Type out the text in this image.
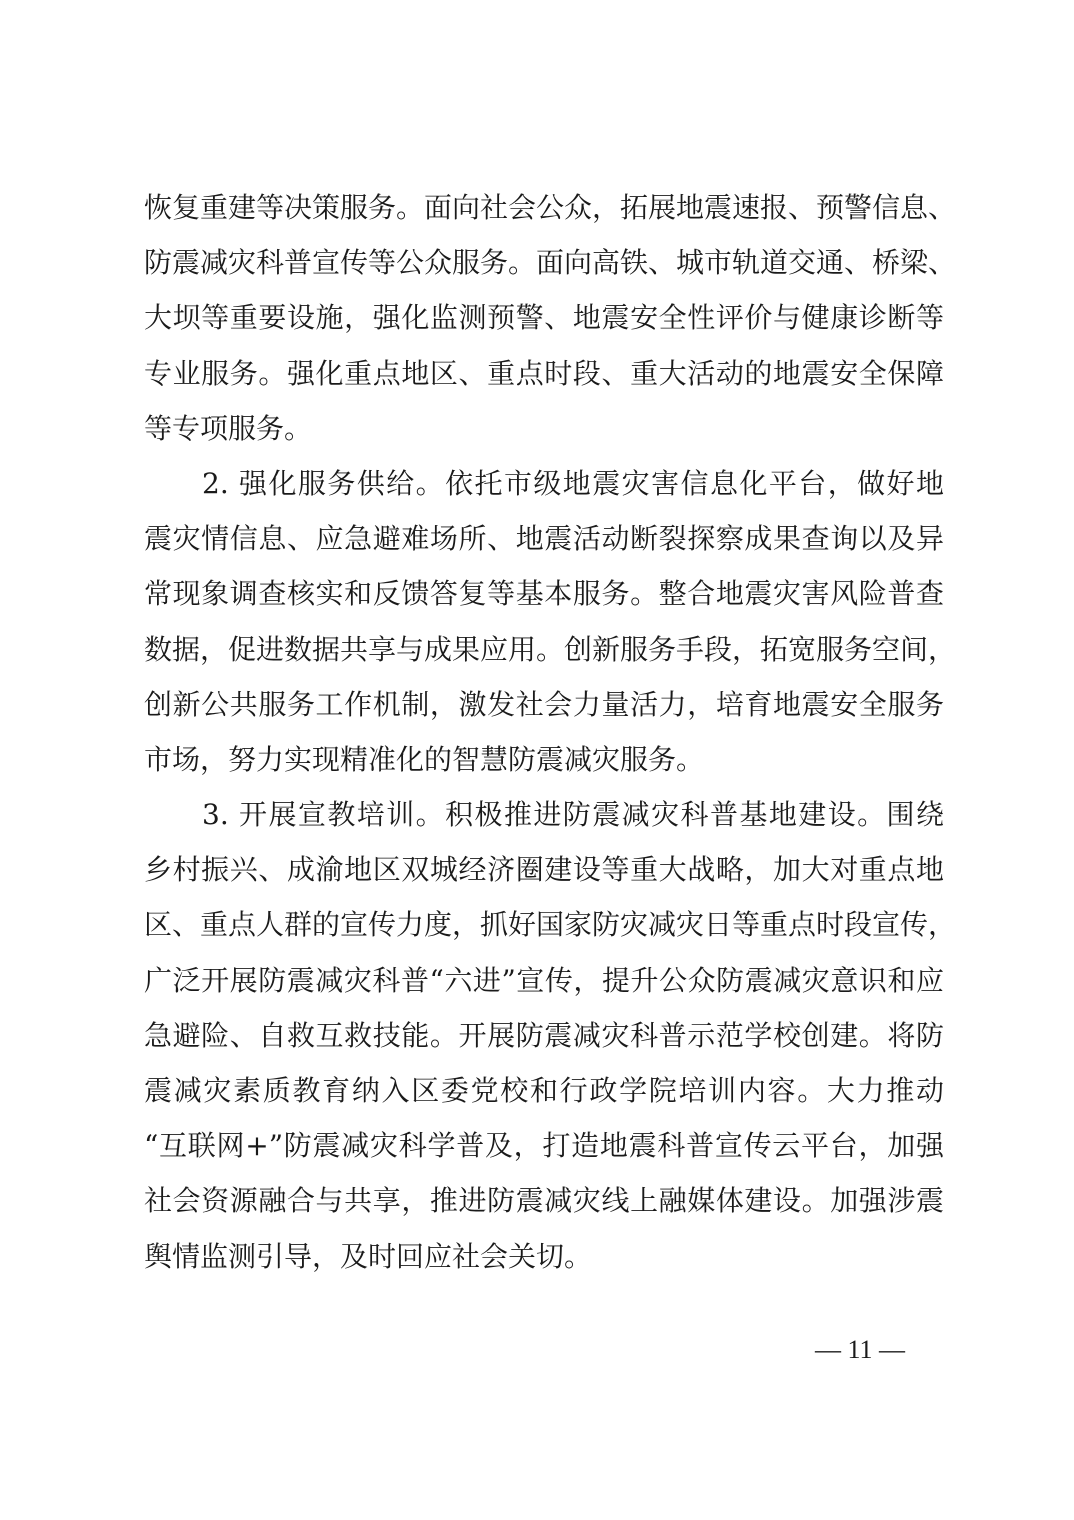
恢复重建等决策服务。面向社会公众，拓展地震速报、预警信息、
防震减灾科普宣传等公众服务。面向高铁、城市轨道交通、桥梁、
大坝等重要设施，强化监测预警、地震安全性评价与健康诊断等
专业服务。强化重点地区、重点时段、重大活动的地震安全保障
等专项服务。
2. 强化服务供给。依托市级地震灾害信息化平台，做好地
震灾情信息、应急避难场所、地震活动断裂探察成果查询以及异
常现象调查核实和反馈答复等基本服务。整合地震灾害风险普查
数据，促进数据共享与成果应用。创新服务手段，拓宽服务空间，
创新公共服务工作机制，激发社会力量活力，培育地震安全服务
市场，努力实现精准化的智慧防震减灾服务。
3. 开展宣教培训。积极推进防震减灾科普基地建设。围绕
乡村振兴、成渝地区双城经济圈建设等重大战略，加大对重点地
区、重点人群的宣传力度，抓好国家防灾减灾日等重点时段宣传，
广泛开展防震减灾科普“六进”宣传，提升公众防震减灾意识和应
急避险、自救互救技能。开展防震减灾科普示范学校创建。将防
震减灾素质教育纳入区委党校和行政学院培训内容。大力推动
“互联网+”防震减灾科学普及，打造地震科普宣传云平台，加强
社会资源融合与共享，推进防震减灾线上融媒体建设。加强涉震
舆情监测引导，及时回应社会关切。
— 11 —
